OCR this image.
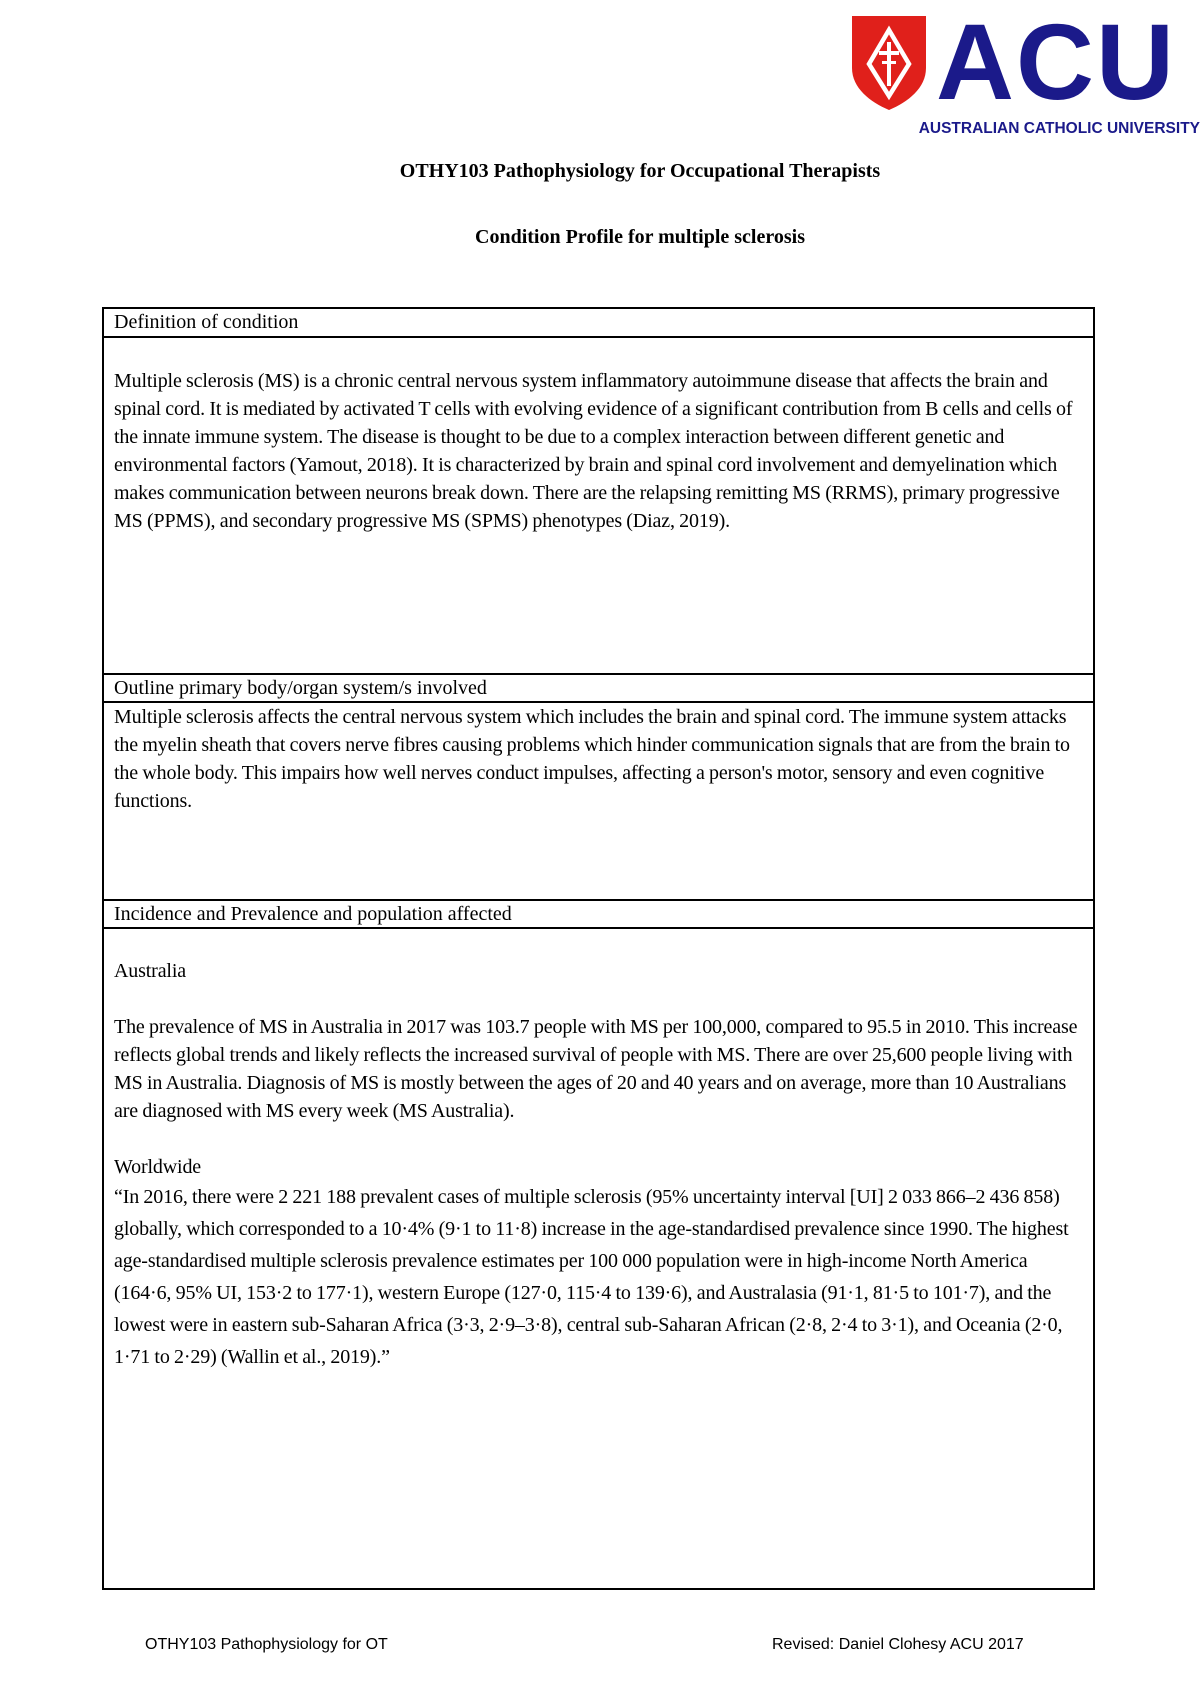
ACU
AUSTRALIAN CATHOLIC UNIVERSITY
OTHY103 Pathophysiology for Occupational Therapists
Condition Profile for multiple sclerosis
Definition of condition

Multiple sclerosis (MS) is a chronic central nervous system inflammatory autoimmune disease that affects the brain and spinal cord. It is mediated by activated T cells with evolving evidence of a significant contribution from B cells and cells of the innate immune system. The disease is thought to be due to a complex interaction between different genetic and environmental factors (Yamout, 2018). It is characterized by brain and spinal cord involvement and demyelination which makes communication between neurons break down. There are the relapsing remitting MS (RRMS), primary progressive MS (PPMS), and secondary progressive MS (SPMS) phenotypes (Diaz, 2019).

Outline primary body/organ system/s involved

Multiple sclerosis affects the central nervous system which includes the brain and spinal cord. The immune system attacks the myelin sheath that covers nerve fibres causing problems which hinder communication signals that are from the brain to the whole body. This impairs how well nerves conduct impulses, affecting a person's motor, sensory and even cognitive functions.

Incidence and Prevalence and population affected

Australia

The prevalence of MS in Australia in 2017 was 103.7 people with MS per 100,000, compared to 95.5 in 2010. This increase reflects global trends and likely reflects the increased survival of people with MS. There are over 25,600 people living with MS in Australia. Diagnosis of MS is mostly between the ages of 20 and 40 years and on average, more than 10 Australians are diagnosed with MS every week (MS Australia).

Worldwide

“In 2016, there were 2 221 188 prevalent cases of multiple sclerosis (95% uncertainty interval [UI] 2 033 866–2 436 858) globally, which corresponded to a 10·4% (9·1 to 11·8) increase in the age-standardised prevalence since 1990. The highest age-standardised multiple sclerosis prevalence estimates per 100 000 population were in high-income North America (164·6, 95% UI, 153·2 to 177·1), western Europe (127·0, 115·4 to 139·6), and Australasia (91·1, 81·5 to 101·7), and the lowest were in eastern sub-Saharan Africa (3·3, 2·9–3·8), central sub-Saharan African (2·8, 2·4 to 3·1), and Oceania (2·0, 1·71 to 2·29) (Wallin et al., 2019).”

OTHY103 Pathophysiology for OT	Revised: Daniel Clohesy ACU 2017
